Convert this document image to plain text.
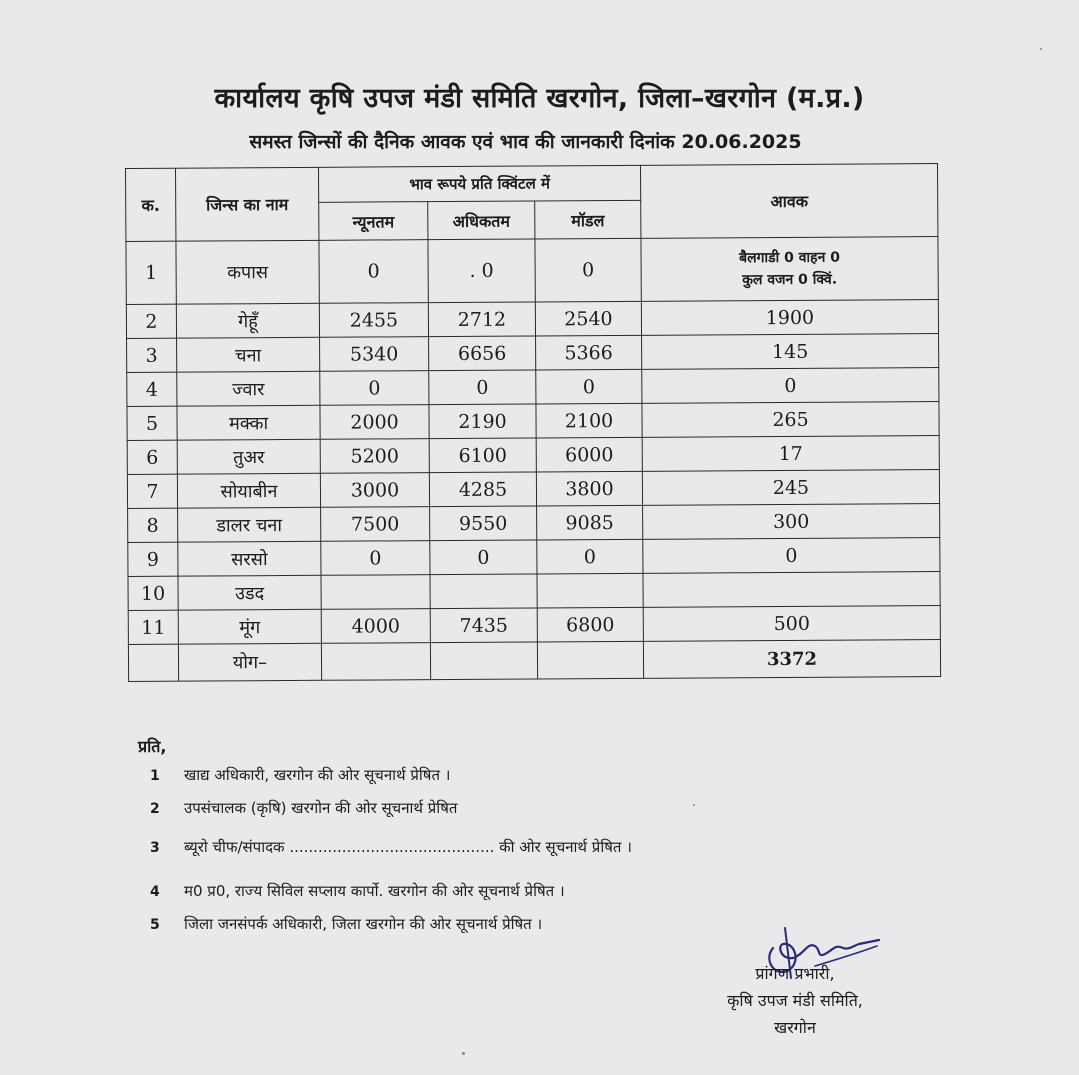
कार्यालय कृषि उपज मंडी समिति खरगोन, जिला–खरगोन (म.प्र.)
समस्त जिन्सों की दैनिक आवक एवं भाव की जानकारी दिनांक 20.06.2025
क.	जिन्स का नाम	भाव रूपये प्रति क्विंटल में			आवक
		न्यूनतम	अधिकतम	मॉडल	
1	कपास	0	. 0	0	बैलगाडी 0 वाहन 0
कुल वजन 0 क्विं.

2	गेहूँ	2455	2712	2540	1900
3	चना	5340	6656	5366	145
4	ज्वार	0	0	0	0
5	मक्का	2000	2190	2100	265
6	तुअर	5200	6100	6000	17
7	सोयाबीन	3000	4285	3800	245
8	डालर चना	7500	9550	9085	300
9	सरसो	0	0	0	0
10	उडद				
11	मूंग	4000	7435	6800	500
	योग–				3372
प्रति,
1	खाद्य अधिकारी, खरगोन की ओर सूचनार्थ प्रेषित ।
2	उपसंचालक (कृषि) खरगोन की ओर सूचनार्थ प्रेषित
3	ब्यूरो चीफ/संपादक ........................................... की ओर सूचनार्थ प्रेषित ।
4	म0 प्र0, राज्य सिविल सप्लाय कार्पो. खरगोन की ओर सूचनार्थ प्रेषित ।
5	जिला जनसंपर्क अधिकारी, जिला खरगोन की ओर सूचनार्थ प्रेषित ।
प्रांगण प्रभारी,
कृषि उपज मंडी समिति,
खरगोन
